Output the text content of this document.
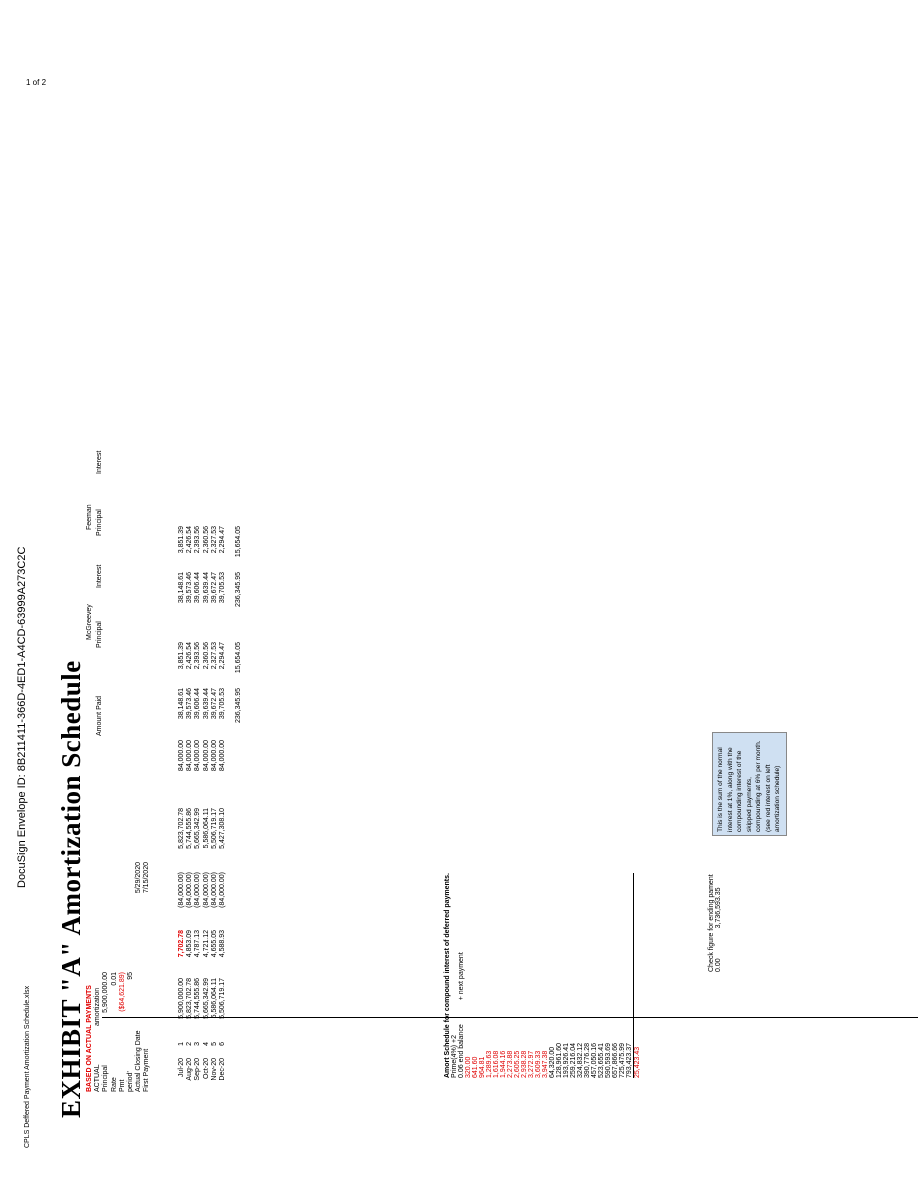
DocuSign Envelope ID: 8B211411-366D-4ED1-A4CD-63999A273C2C
1 of 2
CPLS Deffered Payment Amortization Schedule.xlsx EXHIBIT "A" Amortization Schedule BASED ON ACTUAL PAYMENTS ACTUAL
amortization
Principal
5,900,000.00
Rate
0.01
Pmt
($64,621.89)
period'
95
Actual Closing Date
5/29/2020
First Payment
7/15/2020
Amount Paid
McGreevey Principal
Interest
Feeman Principal
Interest
Jul-20
1
5,900,000.00
7,702.78
(84,000.00)
5,823,702.78
84,000.00
38,148.61
3,851.39
38,148.61
3,851.39
Aug-20
2
5,823,702.78
4,853.09
(84,000.00)
5,744,555.86
84,000.00
39,573.46
2,426.54
39,573.46
2,426.54
Sep-20
3
5,744,555.86
4,787.13
(84,000.00)
5,665,342.99
84,000.00
39,606.44
2,393.56
39,606.44
2,393.56
Oct-20
4
5,665,342.99
4,721.12
(84,000.00)
5,586,064.11
84,000.00
39,639.44
2,360.56
39,639.44
2,360.56
Nov-20
5
5,586,064.11
4,655.05
(84,000.00)
5,506,719.17
84,000.00
39,672.47
2,327.53
39,672.47
2,327.53
Dec-20
6
5,506,719.17
4,588.93
(84,000.00)
5,427,308.10
84,000.00
39,705.53
2,294.47
39,705.53
2,294.47
236,345.95
15,654.05
236,345.95
15,654.05
Amort Schedule for compound interest of deferred payments. Prime(4%) +2 0.06 end balance
+ next payment
320.00 641.60 964.81 1,289.63 1,616.08 1,944.16 2,273.88 2,605.25 2,938.28 3,272.97 3,609.33 3,947.38 64,320.00 128,961.60 193,926.41 259,216.04 324,832.12 390,776.28 457,050.16 523,655.41 590,593.69 657,866.66 725,475.99 793,423.37 25,423.43
Check figure for ending pament 0.00
3,736,593.35
This is the sum of the normal interest at 1%, along with the compounding interest of the skipped payments, compounding at 6% per month. (see red interest on left amortization schedule)
